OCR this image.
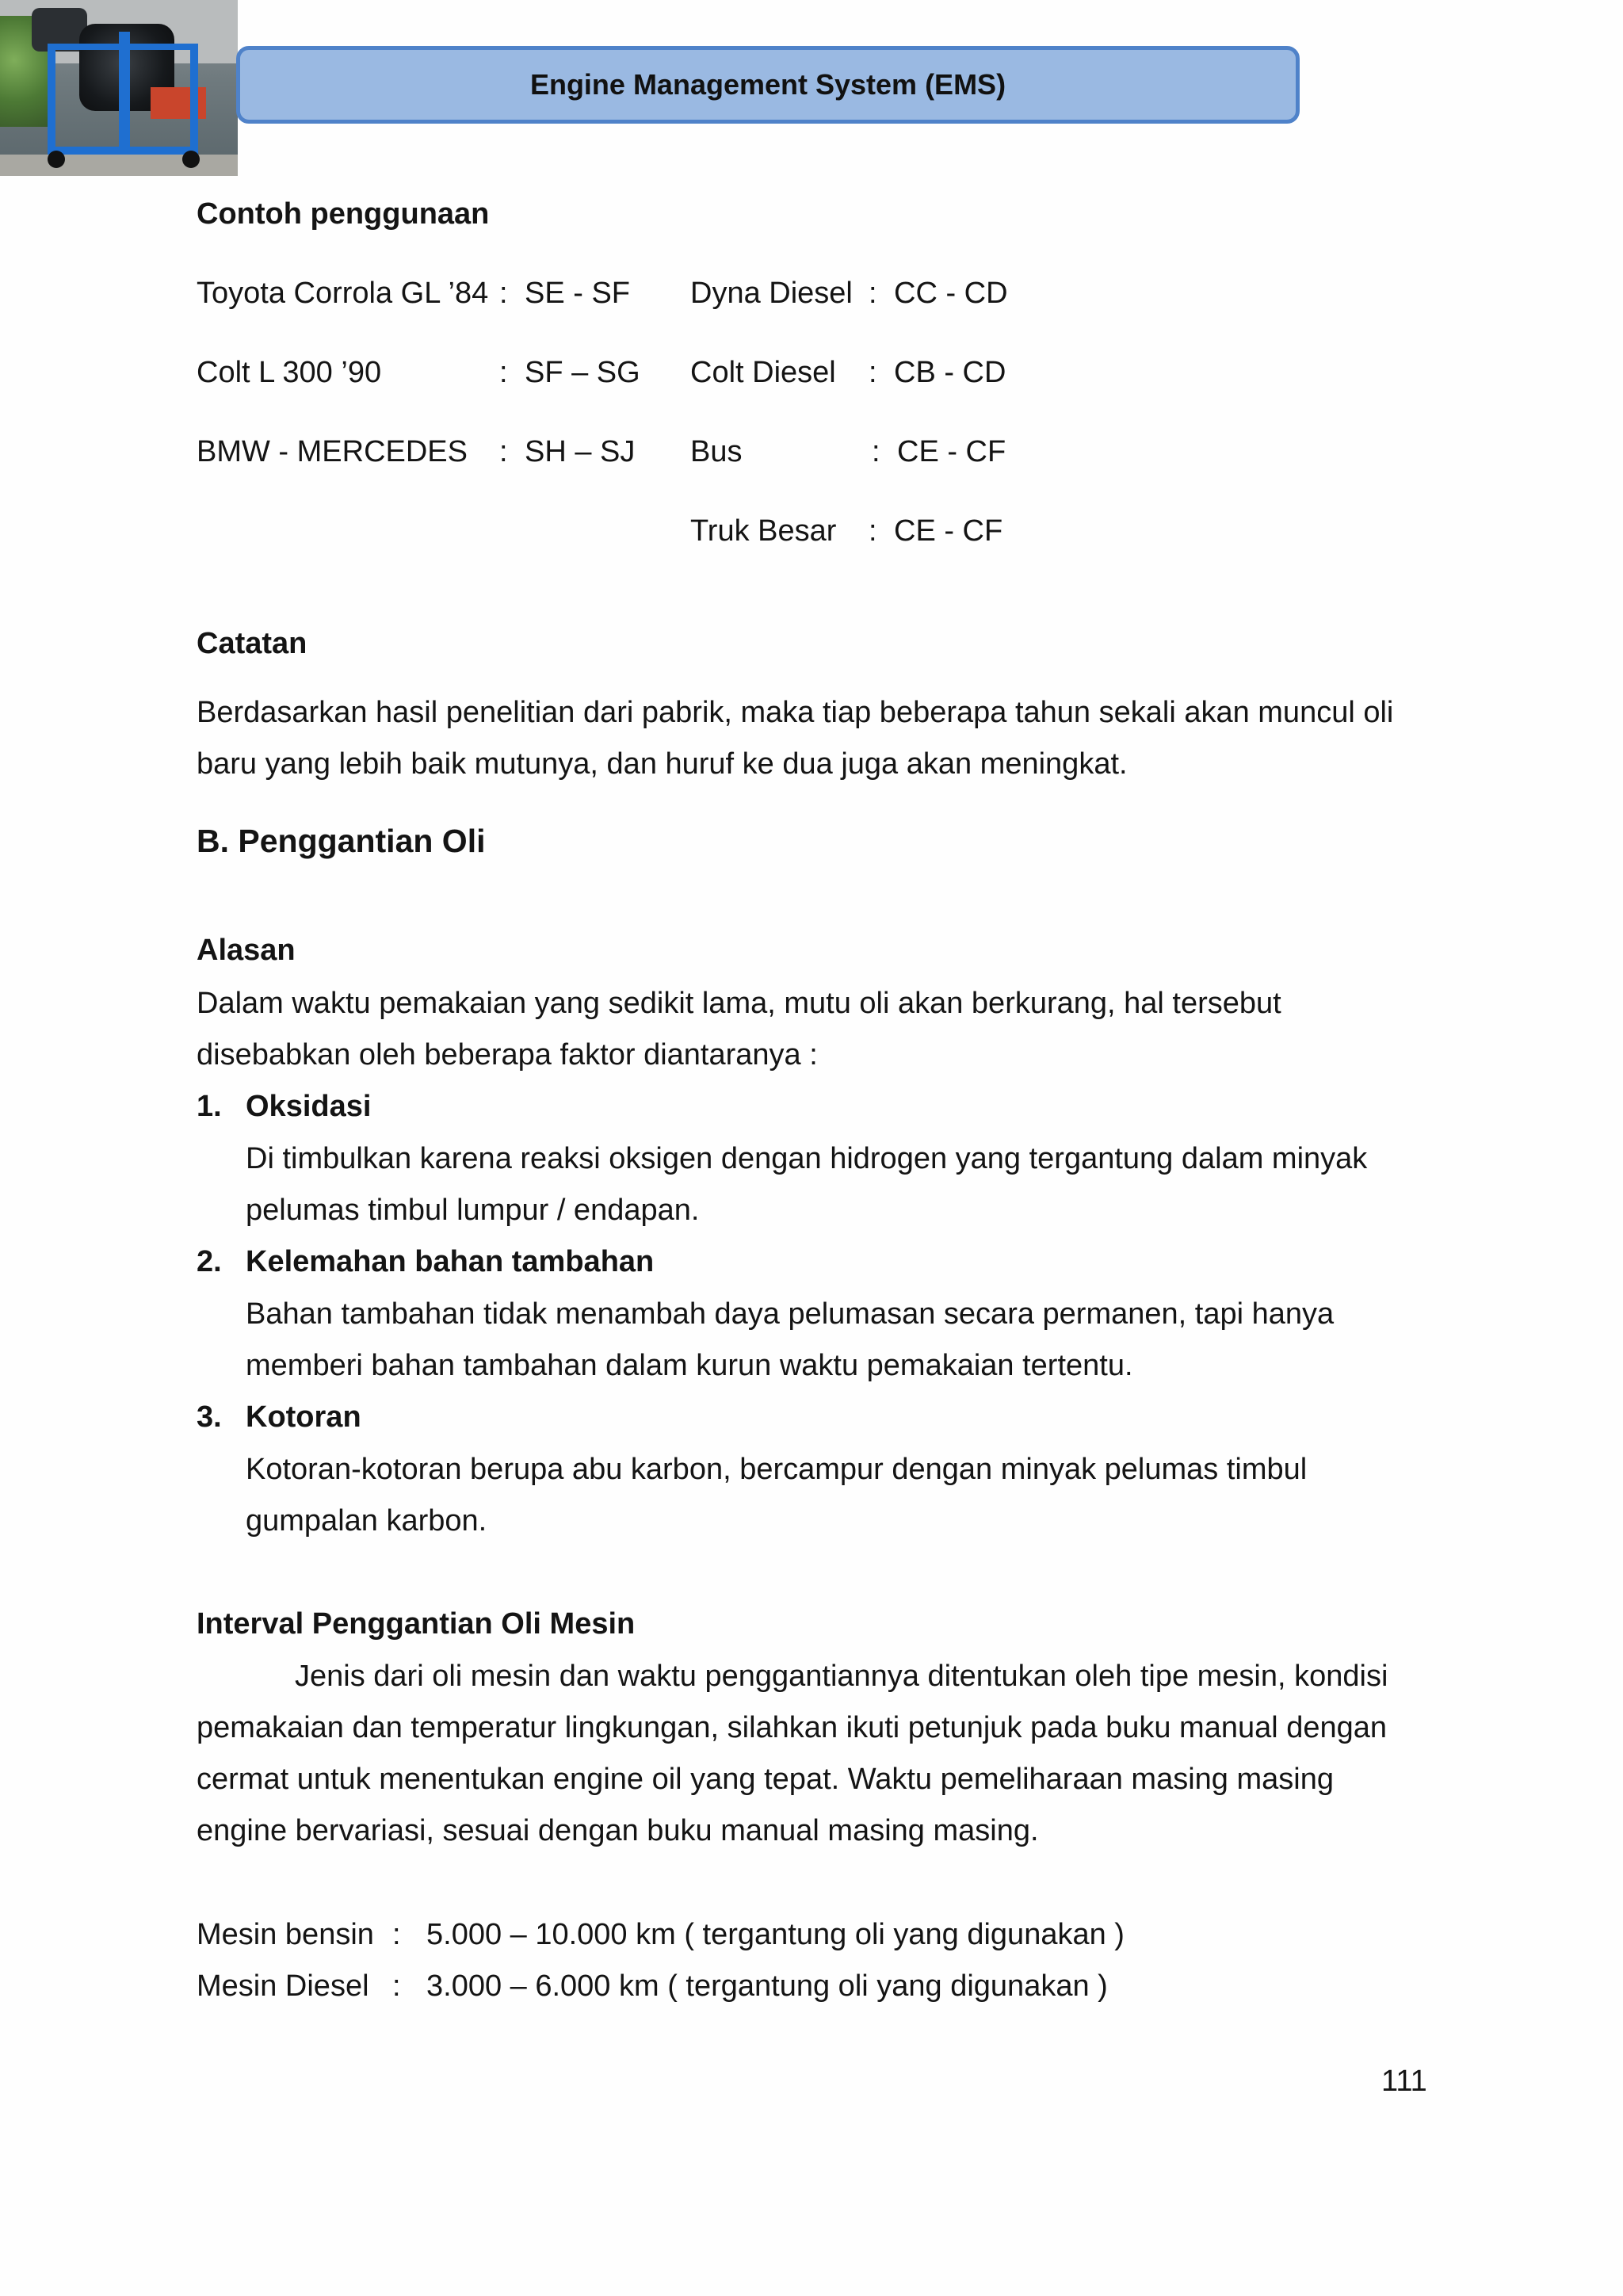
Engine Management System (EMS)
Contoh penggunaan
Toyota Corrola GL ’84 : SE - SF
Colt L 300 ’90	: SF – SG
BMW - MERCEDES : SH – SJ
Dyna Diesel : CC - CD
Colt Diesel : CB - CD
Bus	: CE - CF
Truk Besar : CE - CF
Catatan
Berdasarkan hasil penelitian dari pabrik, maka tiap beberapa tahun sekali akan muncul oli
baru yang lebih baik mutunya, dan huruf ke dua juga akan meningkat.
B. Penggantian Oli
Alasan
Dalam waktu pemakaian yang sedikit lama, mutu oli akan berkurang, hal tersebut
disebabkan oleh beberapa faktor diantaranya :
1. Oksidasi
Di timbulkan karena reaksi oksigen dengan hidrogen yang tergantung dalam minyak
pelumas timbul lumpur / endapan.
2. Kelemahan bahan tambahan
Bahan tambahan tidak menambah daya pelumasan secara permanen, tapi hanya
memberi bahan tambahan dalam kurun waktu pemakaian tertentu.
3. Kotoran
Kotoran-kotoran berupa abu karbon, bercampur dengan minyak pelumas timbul
gumpalan karbon.
Interval Penggantian Oli Mesin
Jenis dari oli mesin dan waktu penggantiannya ditentukan oleh tipe mesin, kondisi
pemakaian dan temperatur lingkungan, silahkan ikuti petunjuk pada buku manual dengan
cermat untuk menentukan engine oil yang tepat. Waktu pemeliharaan masing masing
engine bervariasi, sesuai dengan buku manual masing masing.
Mesin bensin : 5.000 – 10.000 km ( tergantung oli yang digunakan )
Mesin Diesel : 3.000 – 6.000 km ( tergantung oli yang digunakan )
111
